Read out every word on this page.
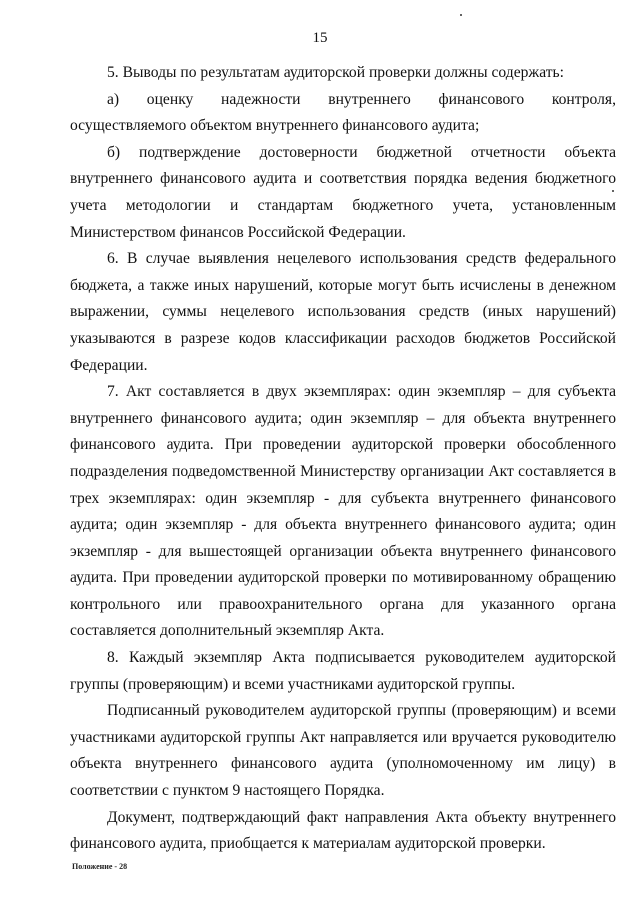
15

5. Выводы по результатам аудиторской проверки должны содержать:

а) оценку надежности внутреннего финансового контроля, осуществляемого объектом внутреннего финансового аудита;

б) подтверждение достоверности бюджетной отчетности объекта внутреннего финансового аудита и соответствия порядка ведения бюджетного учета методологии и стандартам бюджетного учета, установленным Министерством финансов Российской Федерации.

6. В случае выявления нецелевого использования средств федерального бюджета, а также иных нарушений, которые могут быть исчислены в денежном выражении, суммы нецелевого использования средств (иных нарушений) указываются в разрезе кодов классификации расходов бюджетов Российской Федерации.

7. Акт составляется в двух экземплярах: один экземпляр – для субъекта внутреннего финансового аудита; один экземпляр – для объекта внутреннего финансового аудита. При проведении аудиторской проверки обособленного подразделения подведомственной Министерству организации Акт составляется в трех экземплярах: один экземпляр - для субъекта внутреннего финансового аудита; один экземпляр - для объекта внутреннего финансового аудита; один экземпляр - для вышестоящей организации объекта внутреннего финансового аудита. При проведении аудиторской проверки по мотивированному обращению контрольного или правоохранительного органа для указанного органа составляется дополнительный экземпляр Акта.

8. Каждый экземпляр Акта подписывается руководителем аудиторской группы (проверяющим) и всеми участниками аудиторской группы.

Подписанный руководителем аудиторской группы (проверяющим) и всеми участниками аудиторской группы Акт направляется или вручается руководителю объекта внутреннего финансового аудита (уполномоченному им лицу) в соответствии с пунктом 9 настоящего Порядка.

Документ, подтверждающий факт направления Акта объекту внутреннего финансового аудита, приобщается к материалам аудиторской проверки.

Положение - 28
